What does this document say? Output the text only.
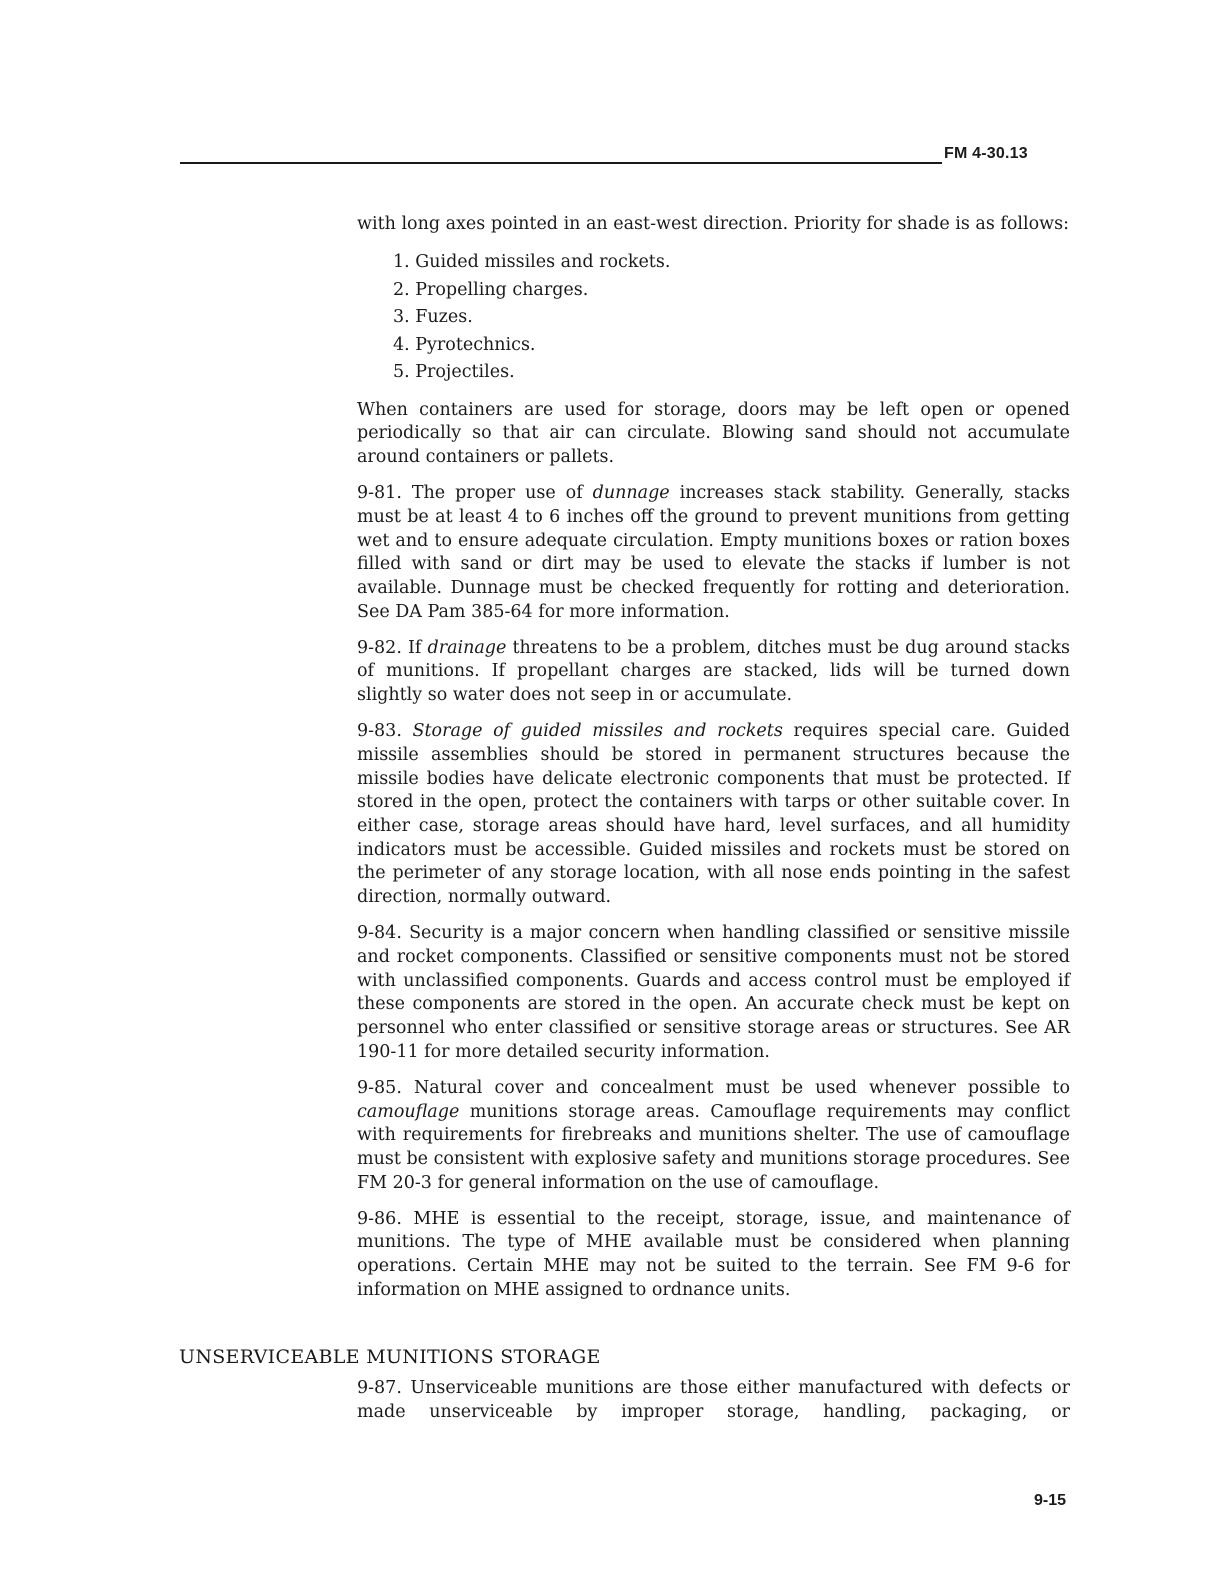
FM 4-30.13

with long axes pointed in an east-west direction. Priority for shade is as follows:

1. Guided missiles and rockets.
2. Propelling charges.
3. Fuzes.
4. Pyrotechnics.
5. Projectiles.

When containers are used for storage, doors may be left open or opened periodically so that air can circulate. Blowing sand should not accumulate around containers or pallets.

9-81. The proper use of dunnage increases stack stability. Generally, stacks must be at least 4 to 6 inches off the ground to prevent munitions from getting wet and to ensure adequate circulation. Empty munitions boxes or ration boxes filled with sand or dirt may be used to elevate the stacks if lumber is not available. Dunnage must be checked frequently for rotting and deterioration. See DA Pam 385-64 for more information.

9-82. If drainage threatens to be a problem, ditches must be dug around stacks of munitions. If propellant charges are stacked, lids will be turned down slightly so water does not seep in or accumulate.

9-83. Storage of guided missiles and rockets requires special care. Guided missile assemblies should be stored in permanent structures because the missile bodies have delicate electronic components that must be protected. If stored in the open, protect the containers with tarps or other suitable cover. In either case, storage areas should have hard, level surfaces, and all humidity indicators must be accessible. Guided missiles and rockets must be stored on the perimeter of any storage location, with all nose ends pointing in the safest direction, normally outward.

9-84. Security is a major concern when handling classified or sensitive missile and rocket components. Classified or sensitive components must not be stored with unclassified components. Guards and access control must be employed if these components are stored in the open. An accurate check must be kept on personnel who enter classified or sensitive storage areas or structures. See AR 190-11 for more detailed security information.

9-85. Natural cover and concealment must be used whenever possible to camouflage munitions storage areas. Camouflage requirements may conflict with requirements for firebreaks and munitions shelter. The use of camouflage must be consistent with explosive safety and munitions storage procedures. See FM 20-3 for general information on the use of camouflage.

9-86. MHE is essential to the receipt, storage, issue, and maintenance of munitions. The type of MHE available must be considered when planning operations. Certain MHE may not be suited to the terrain. See FM 9-6 for information on MHE assigned to ordnance units.

UNSERVICEABLE MUNITIONS STORAGE

9-87. Unserviceable munitions are those either manufactured with defects or made unserviceable by improper storage, handling, packaging, or

9-15
